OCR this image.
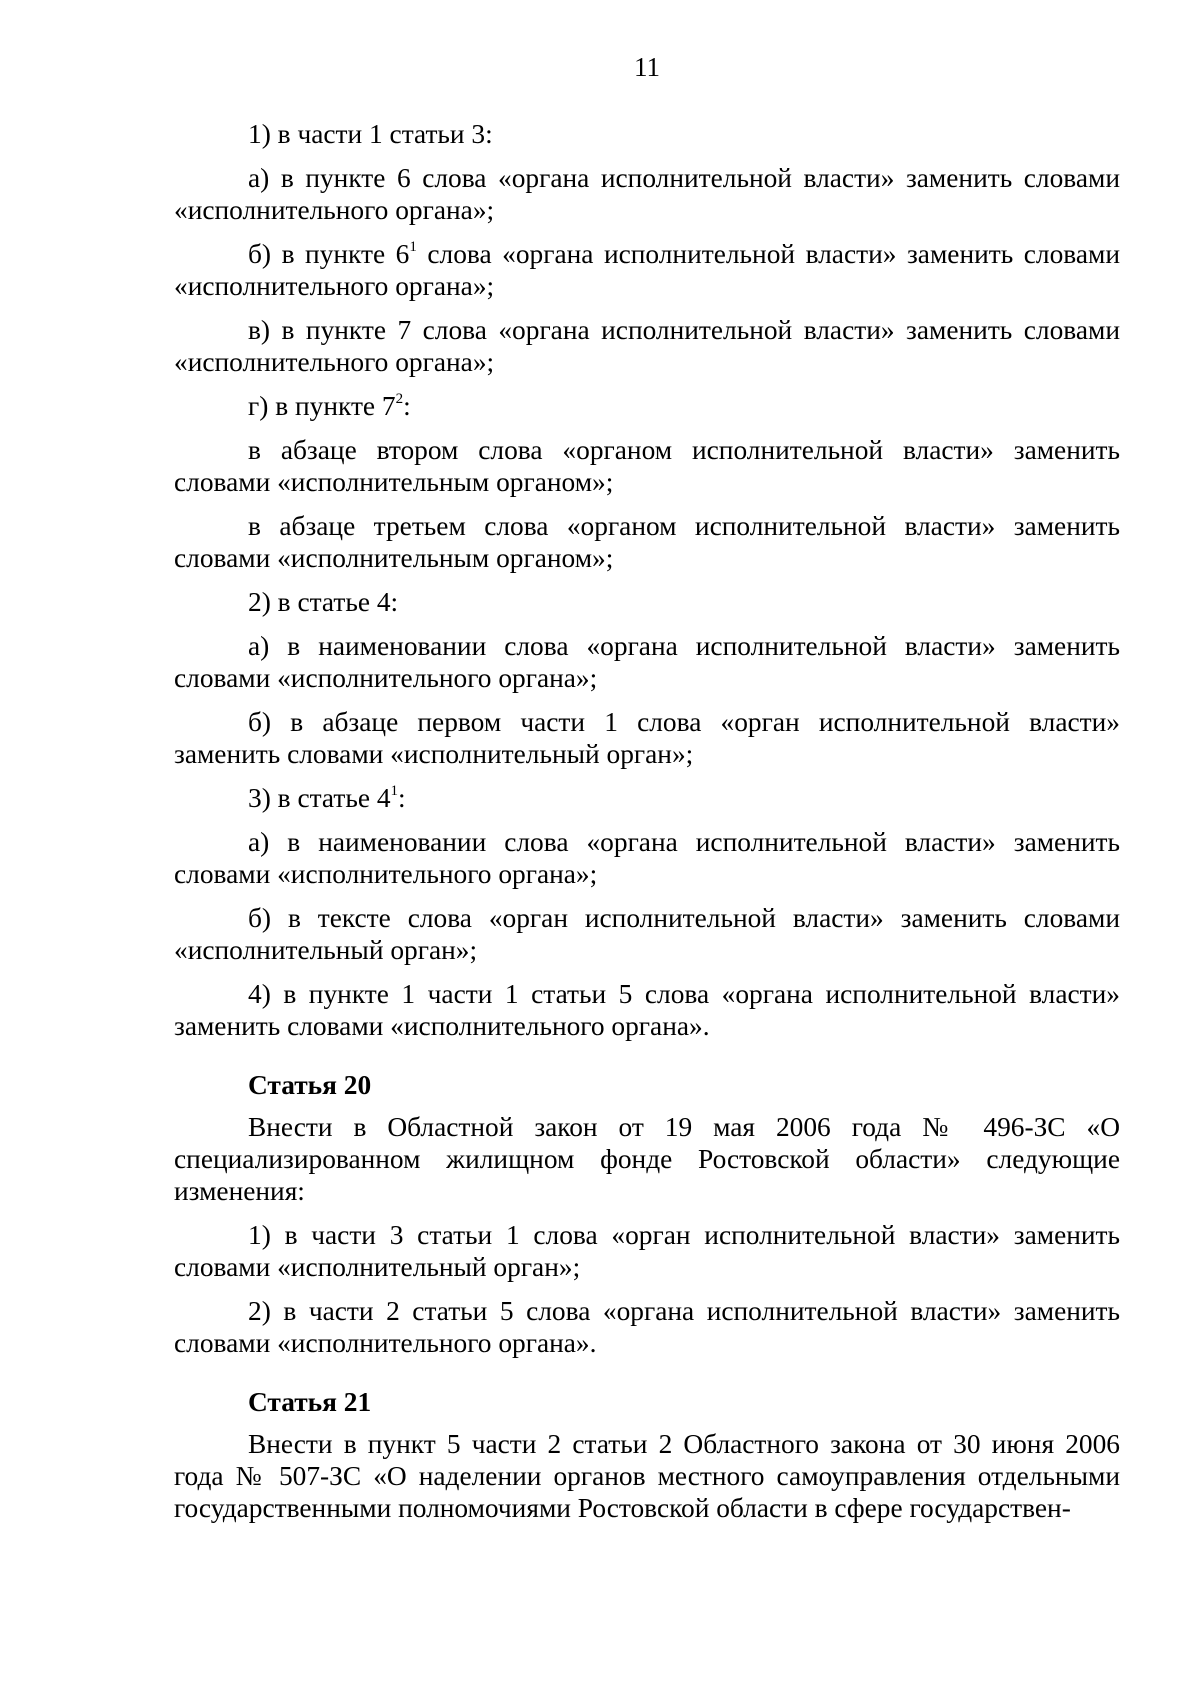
11

1) в части 1 статьи 3:

а) в пункте 6 слова «органа исполнительной власти» заменить словами «исполнительного органа»;

б) в пункте $6^1$ слова «органа исполнительной власти» заменить словами «исполнительного органа»;

в) в пункте 7 слова «органа исполнительной власти» заменить словами «исполнительного органа»;

г) в пункте $7^2$:

в абзаце втором слова «органом исполнительной власти» заменить словами «исполнительным органом»;

в абзаце третьем слова «органом исполнительной власти» заменить словами «исполнительным органом»;

2) в статье 4:

а) в наименовании слова «органа исполнительной власти» заменить словами «исполнительного органа»;

б) в абзаце первом части 1 слова «орган исполнительной власти» заменить словами «исполнительный орган»;

3) в статье $4^1$:

а) в наименовании слова «органа исполнительной власти» заменить словами «исполнительного органа»;

б) в тексте слова «орган исполнительной власти» заменить словами «исполнительный орган»;

4) в пункте 1 части 1 статьи 5 слова «органа исполнительной власти» заменить словами «исполнительного органа».

Статья 20

Внести в Областной закон от 19 мая 2006 года № 496-ЗС «О специализированном жилищном фонде Ростовской области» следующие изменения:

1) в части 3 статьи 1 слова «орган исполнительной власти» заменить словами «исполнительный орган»;

2) в части 2 статьи 5 слова «органа исполнительной власти» заменить словами «исполнительного органа».

Статья 21

Внести в пункт 5 части 2 статьи 2 Областного закона от 30 июня 2006 года № 507-ЗС «О наделении органов местного самоуправления отдельными государственными полномочиями Ростовской области в сфере государствен-
